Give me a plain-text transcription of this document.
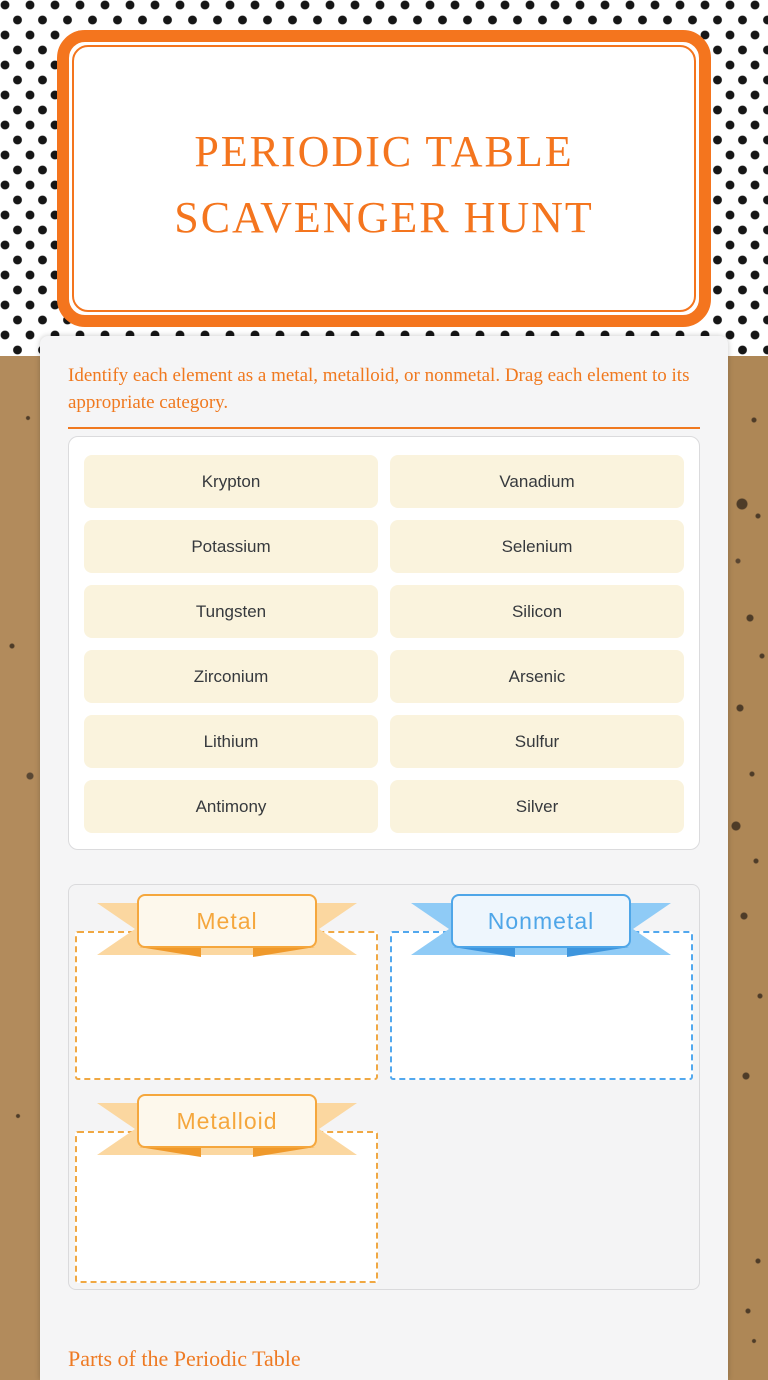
PERIODIC TABLE
SCAVENGER HUNT
Identify each element as a metal, metalloid, or nonmetal. Drag each element to its appropriate category.
Krypton	Vanadium
Potassium	Selenium
Tungsten	Silicon
Zirconium	Arsenic
Lithium	Sulfur
Antimony	Silver
Metal	Nonmetal
Metalloid
Parts of the Periodic Table
